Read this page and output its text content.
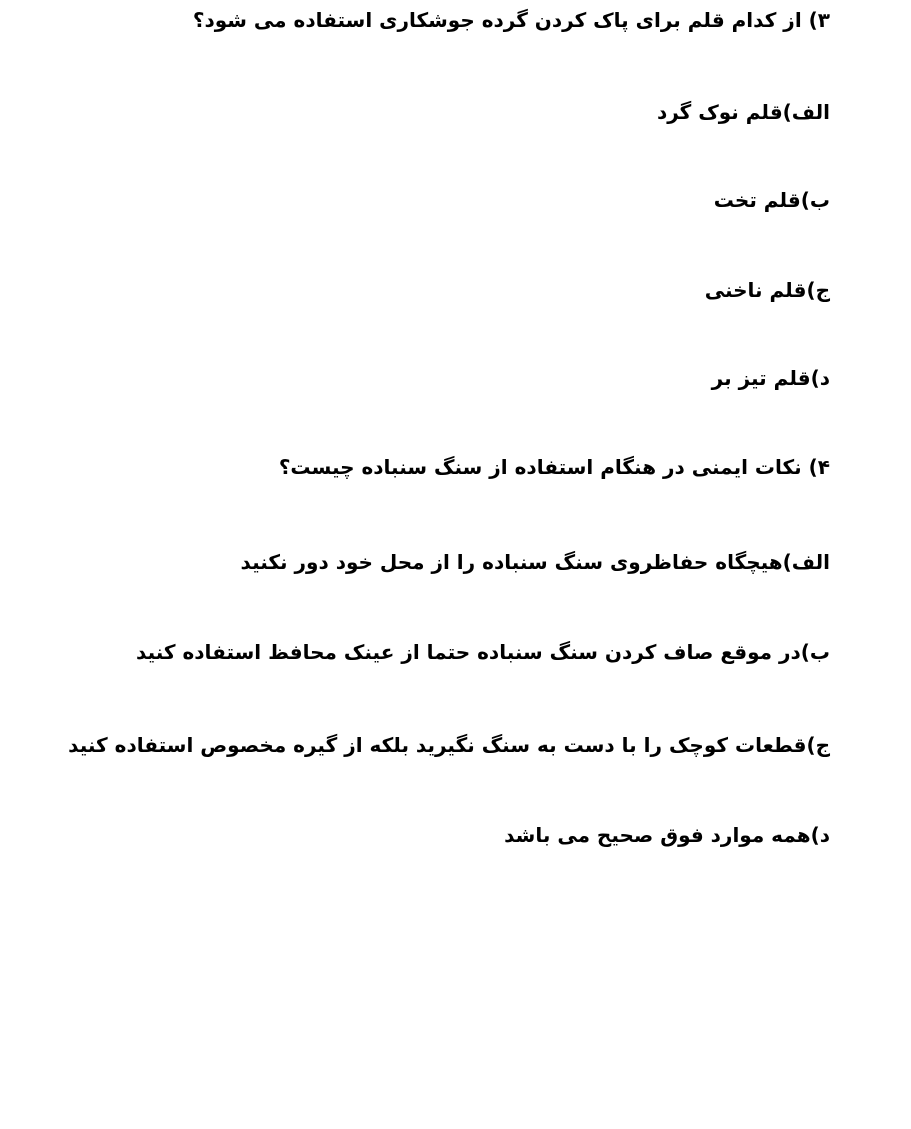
۳) از کدام قلم برای پاک کردن گرده جوشکاری استفاده می شود؟
الف)قلم نوک گرد
ب)قلم تخت
ج)قلم ناخنی
د)قلم تیز بر
۴) نکات ایمنی در هنگام استفاده از سنگ سنباده چیست؟
الف)هیچگاه حفاظروی سنگ سنباده را از محل خود دور نکنید
ب)در موقع صاف کردن سنگ سنباده حتما از عینک محافظ استفاده کنید
ج)قطعات کوچک را با دست به سنگ نگیرید بلکه از گیره مخصوص استفاده کنید
د)همه موارد فوق صحیح می باشد
